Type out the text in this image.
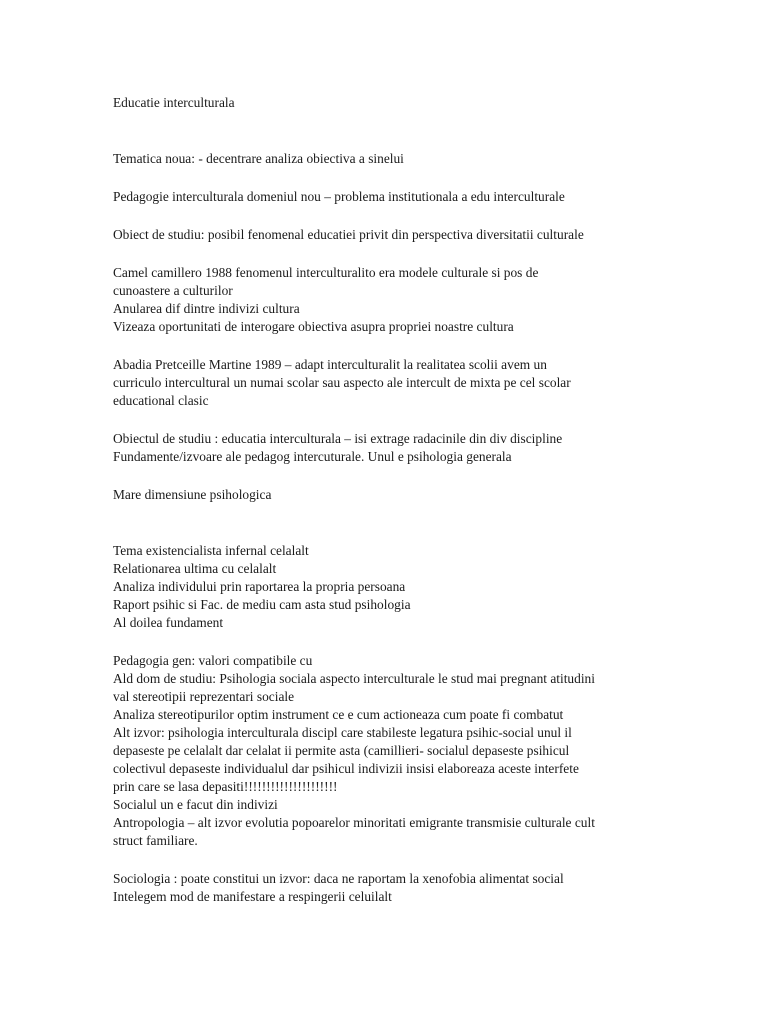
Educatie interculturala

Tematica noua: - decentrare analiza obiectiva a sinelui

Pedagogie interculturala domeniul nou – problema institutionala a edu interculturale

Obiect de studiu: posibil fenomenal educatiei privit din perspectiva diversitatii culturale

Camel camillero 1988 fenomenul interculturalito era modele culturale si pos de
cunoastere a culturilor
Anularea dif dintre indivizi cultura
Vizeaza oportunitati de interogare obiectiva asupra propriei noastre cultura

Abadia Pretceille Martine 1989 – adapt interculturalit la realitatea scolii avem un
curriculo intercultural un numai scolar sau aspecto ale intercult de mixta pe cel scolar
educational clasic

Obiectul de studiu : educatia interculturala – isi extrage radacinile din div discipline
Fundamente/izvoare ale pedagog intercuturale. Unul e psihologia generala

Mare dimensiune psihologica

Tema existencialista infernal celalalt
Relationarea ultima cu celalalt
Analiza individului prin raportarea la propria persoana
Raport psihic si Fac. de mediu cam asta stud psihologia
Al doilea fundament

Pedagogia gen: valori compatibile cu
Ald dom de studiu: Psihologia sociala aspecto interculturale le stud mai pregnant atitudini
val stereotipii reprezentari sociale
Analiza stereotipurilor optim instrument ce e cum actioneaza cum poate fi combatut
Alt izvor: psihologia interculturala discipl care stabileste legatura psihic-social unul il
depaseste pe celalalt dar celalat ii permite asta (camillieri- socialul depaseste psihicul
colectivul depaseste individualul dar psihicul indivizii insisi elaboreaza aceste interfete
prin care se lasa depasiti!!!!!!!!!!!!!!!!!!!!!
Socialul un e facut din indivizi
Antropologia – alt izvor evolutia popoarelor minoritati emigrante transmisie culturale cult
struct familiare.

Sociologia : poate constitui un izvor: daca ne raportam la xenofobia alimentat social
Intelegem mod de manifestare a respingerii celuilalt
